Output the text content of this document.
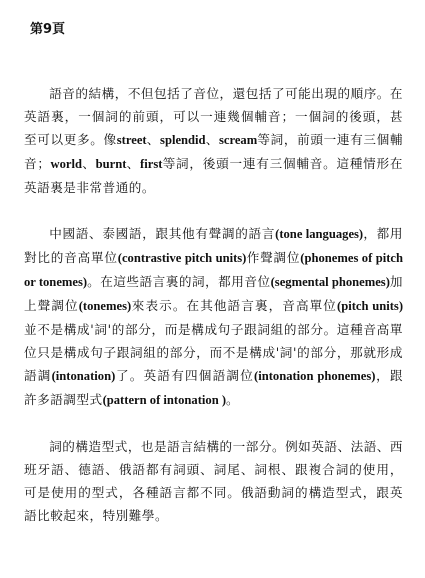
第9頁

語音的結構，不但包括了音位，還包括了可能出現的順序。在英語裏，一個詞的前頭，可以一連幾個輔音；一個詞的後頭，甚至可以更多。像street、splendid、scream等詞，前頭一連有三個輔音；world、burnt、first等詞，後頭一連有三個輔音。這種情形在英語裏是非常普通的。

中國語、泰國語，跟其他有聲調的語言(tone languages)，都用對比的音高單位(contrastive pitch units)作聲調位(phonemes of pitch or tonemes)。在這些語言裏的詞，都用音位(segmental phonemes)加上聲調位(tonemes)來表示。在其他語言裏，音高單位(pitch units)並不是構成'詞'的部分，而是構成句子跟詞組的部分。這種音高單位只是構成句子跟詞組的部分，而不是構成'詞'的部分，那就形成語調(intonation)了。英語有四個語調位(intonation phonemes)，跟許多語調型式(pattern of intonation )。

詞的構造型式，也是語言結構的一部分。例如英語、法語、西班牙語、德語、俄語都有詞頭、詞尾、詞根、跟複合詞的使用，可是使用的型式，各種語言都不同。俄語動詞的構造型式，跟英語比較起來，特別難學。
